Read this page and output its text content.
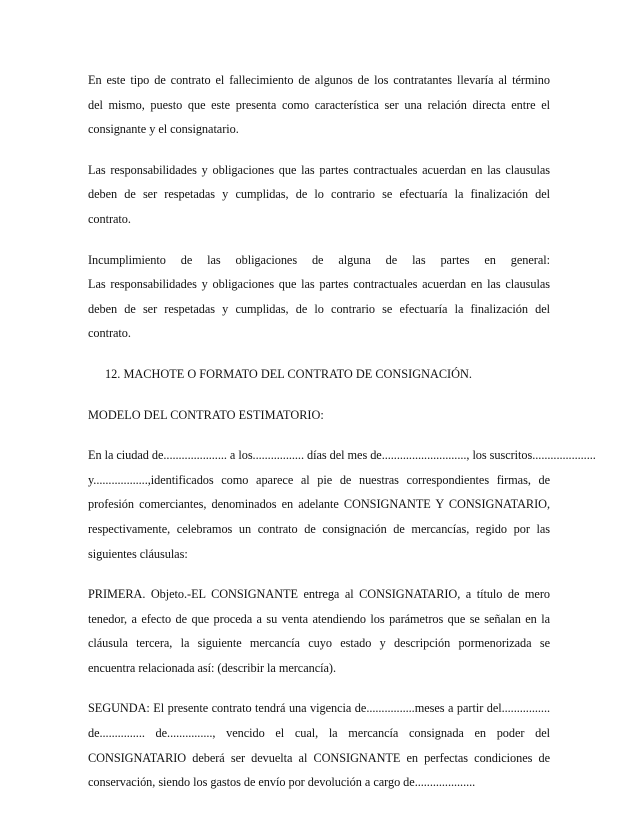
En este tipo de contrato el fallecimiento de algunos de los contratantes llevaría al término
del mismo, puesto que este presenta como característica ser una relación directa entre el
consignante y el consignatario.

Las responsabilidades y obligaciones que las partes contractuales acuerdan en las clausulas
deben de ser respetadas y cumplidas, de lo contrario se efectuaría la finalización del
contrato.

Incumplimiento de las obligaciones de alguna de las partes en general:
Las responsabilidades y obligaciones que las partes contractuales acuerdan en las clausulas
deben de ser respetadas y cumplidas, de lo contrario se efectuaría la finalización del
contrato.

12. MACHOTE O FORMATO DEL CONTRATO DE CONSIGNACIÓN.

MODELO DEL CONTRATO ESTIMATORIO:

En la ciudad de..................... a los................. días del mes de............................, los suscritos.....................
y..................,identificados como aparece al pie de nuestras correspondientes firmas, de
profesión comerciantes, denominados en adelante CONSIGNANTE Y CONSIGNATARIO,
respectivamente, celebramos un contrato de consignación de mercancías, regido por las
siguientes cláusulas:

PRIMERA. Objeto.-EL CONSIGNANTE entrega al CONSIGNATARIO, a título de mero
tenedor, a efecto de que proceda a su venta atendiendo los parámetros que se señalan en la
cláusula tercera, la siguiente mercancía cuyo estado y descripción pormenorizada se
encuentra relacionada así: (describir la mercancía).

SEGUNDA: El presente contrato tendrá una vigencia de................meses a partir del................
de............... de..............., vencido el cual, la mercancía consignada en poder del
CONSIGNATARIO deberá ser devuelta al CONSIGNANTE en perfectas condiciones de
conservación, siendo los gastos de envío por devolución a cargo de....................
